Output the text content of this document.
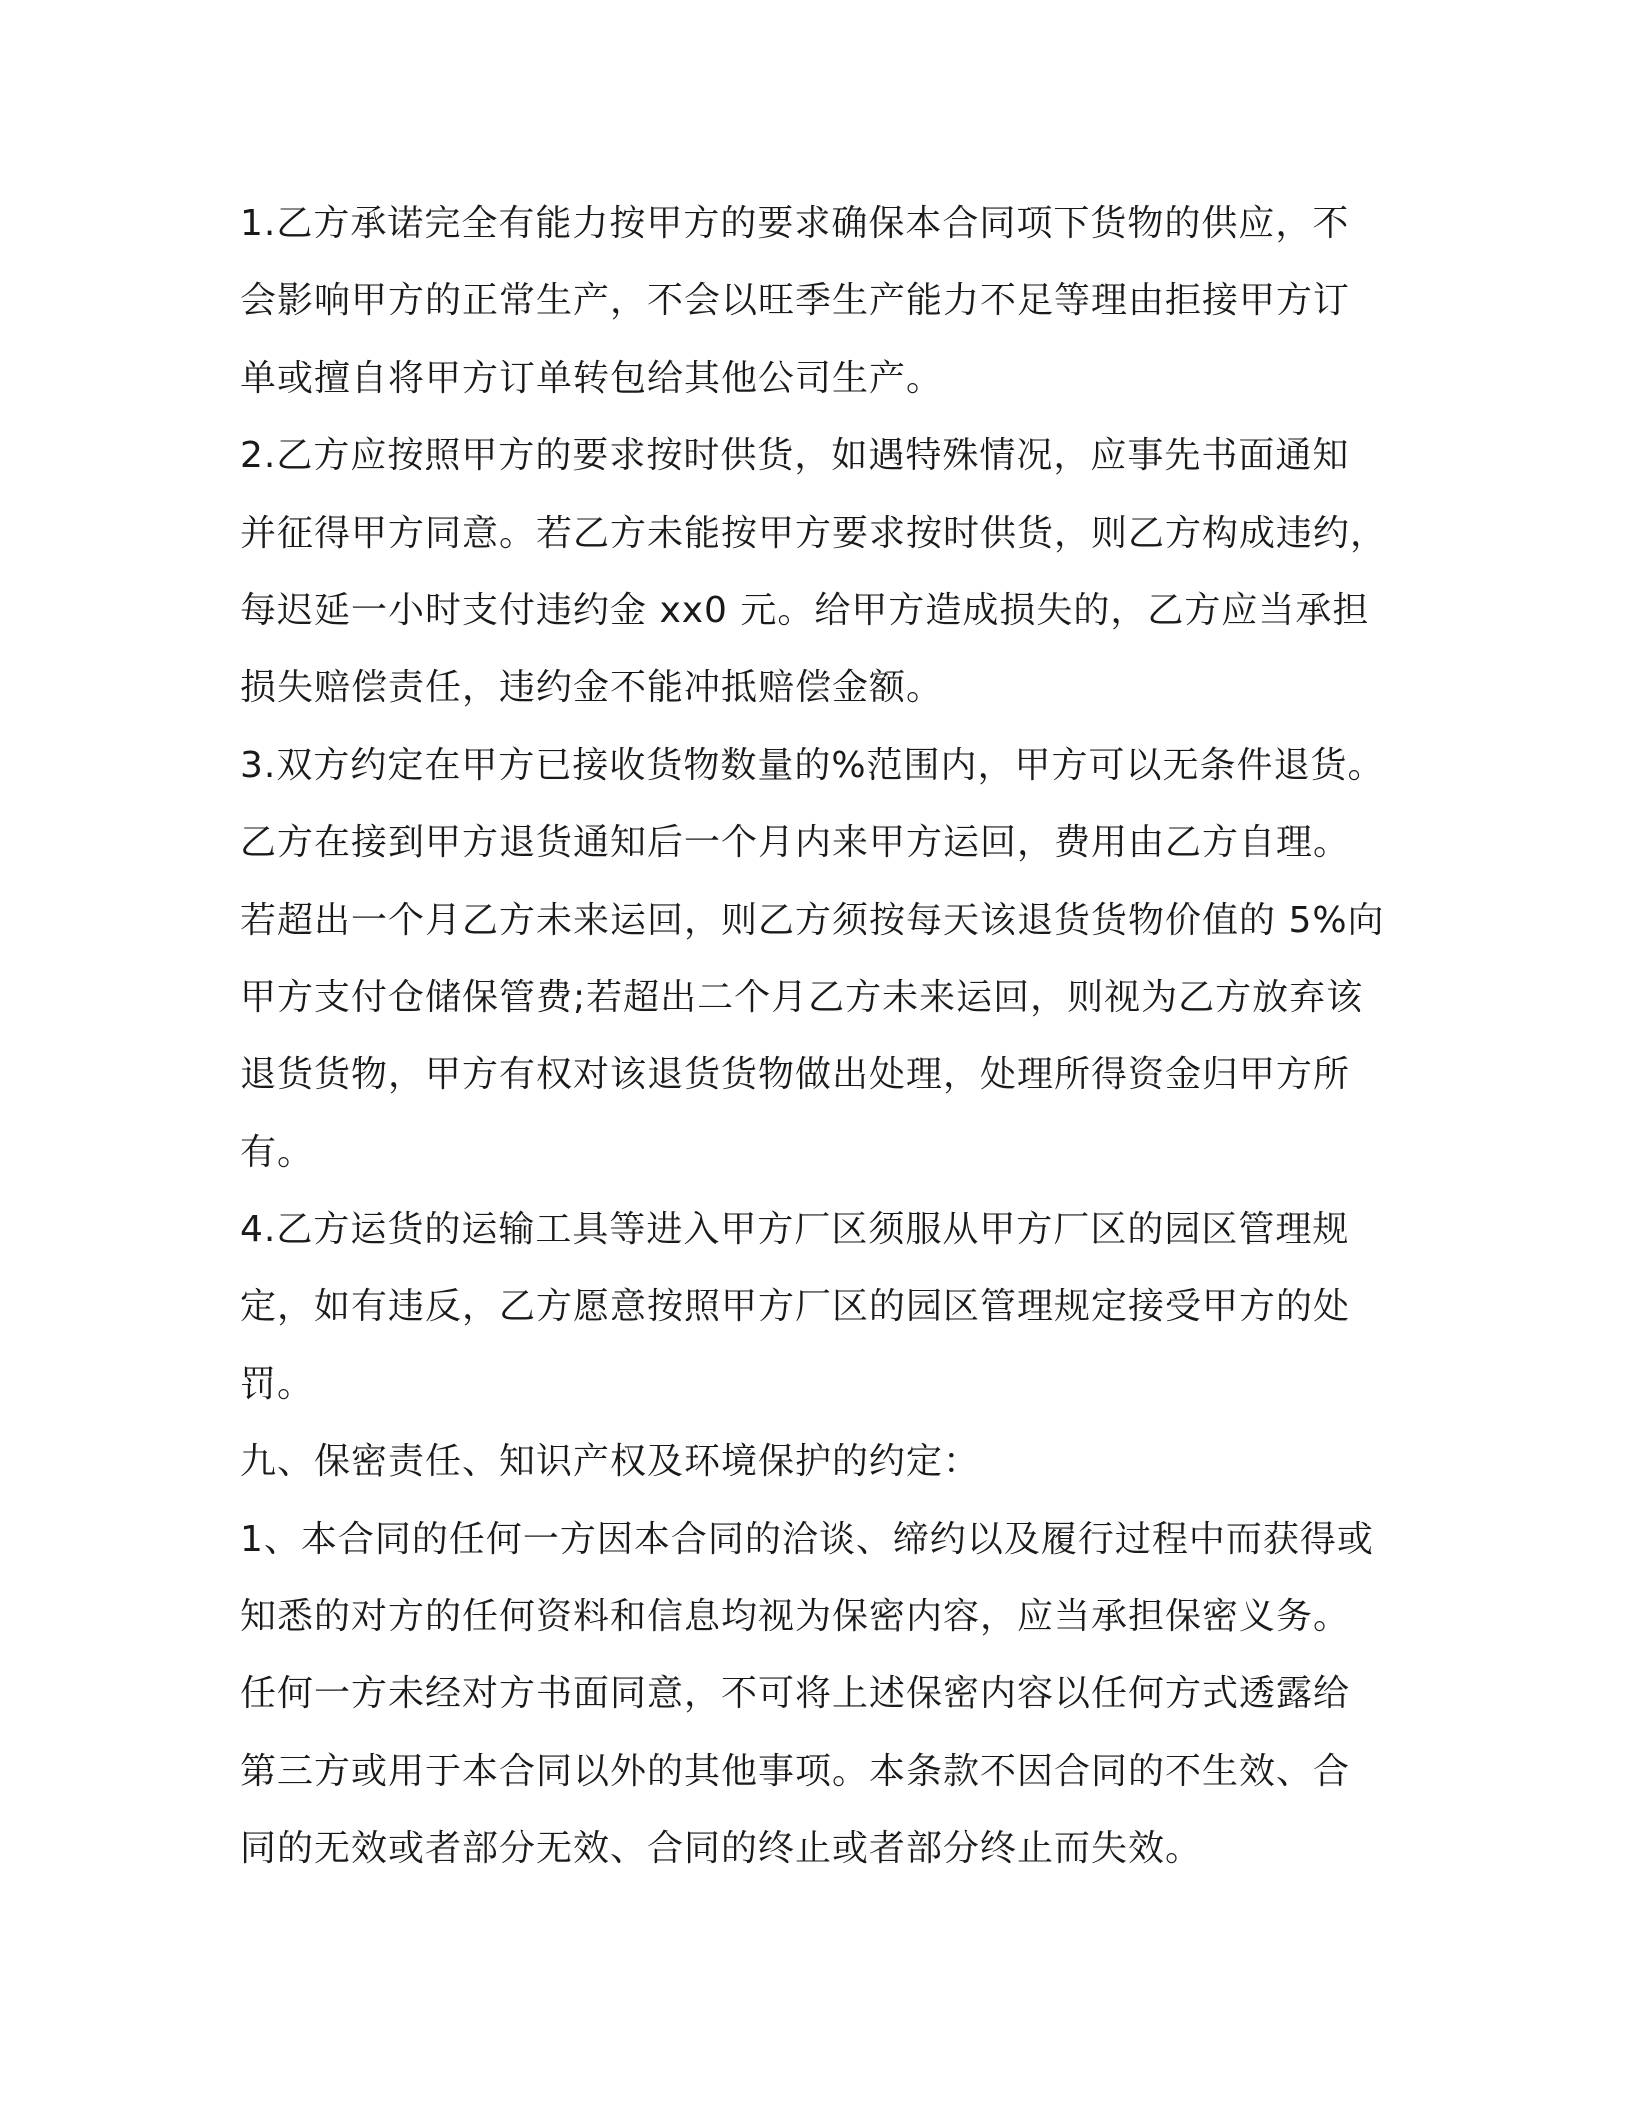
1.乙方承诺完全有能力按甲方的要求确保本合同项下货物的供应，不
会影响甲方的正常生产，不会以旺季生产能力不足等理由拒接甲方订
单或擅自将甲方订单转包给其他公司生产。
2.乙方应按照甲方的要求按时供货，如遇特殊情况，应事先书面通知
并征得甲方同意。若乙方未能按甲方要求按时供货，则乙方构成违约，
每迟延一小时支付违约金 xx0 元。给甲方造成损失的，乙方应当承担
损失赔偿责任，违约金不能冲抵赔偿金额。
3.双方约定在甲方已接收货物数量的%范围内，甲方可以无条件退货。
乙方在接到甲方退货通知后一个月内来甲方运回，费用由乙方自理。
若超出一个月乙方未来运回，则乙方须按每天该退货货物价值的 5%向
甲方支付仓储保管费;若超出二个月乙方未来运回，则视为乙方放弃该
退货货物，甲方有权对该退货货物做出处理，处理所得资金归甲方所
有。
4.乙方运货的运输工具等进入甲方厂区须服从甲方厂区的园区管理规
定，如有违反，乙方愿意按照甲方厂区的园区管理规定接受甲方的处
罚。
九、保密责任、知识产权及环境保护的约定：
1、本合同的任何一方因本合同的洽谈、缔约以及履行过程中而获得或
知悉的对方的任何资料和信息均视为保密内容，应当承担保密义务。
任何一方未经对方书面同意，不可将上述保密内容以任何方式透露给
第三方或用于本合同以外的其他事项。本条款不因合同的不生效、合
同的无效或者部分无效、合同的终止或者部分终止而失效。
